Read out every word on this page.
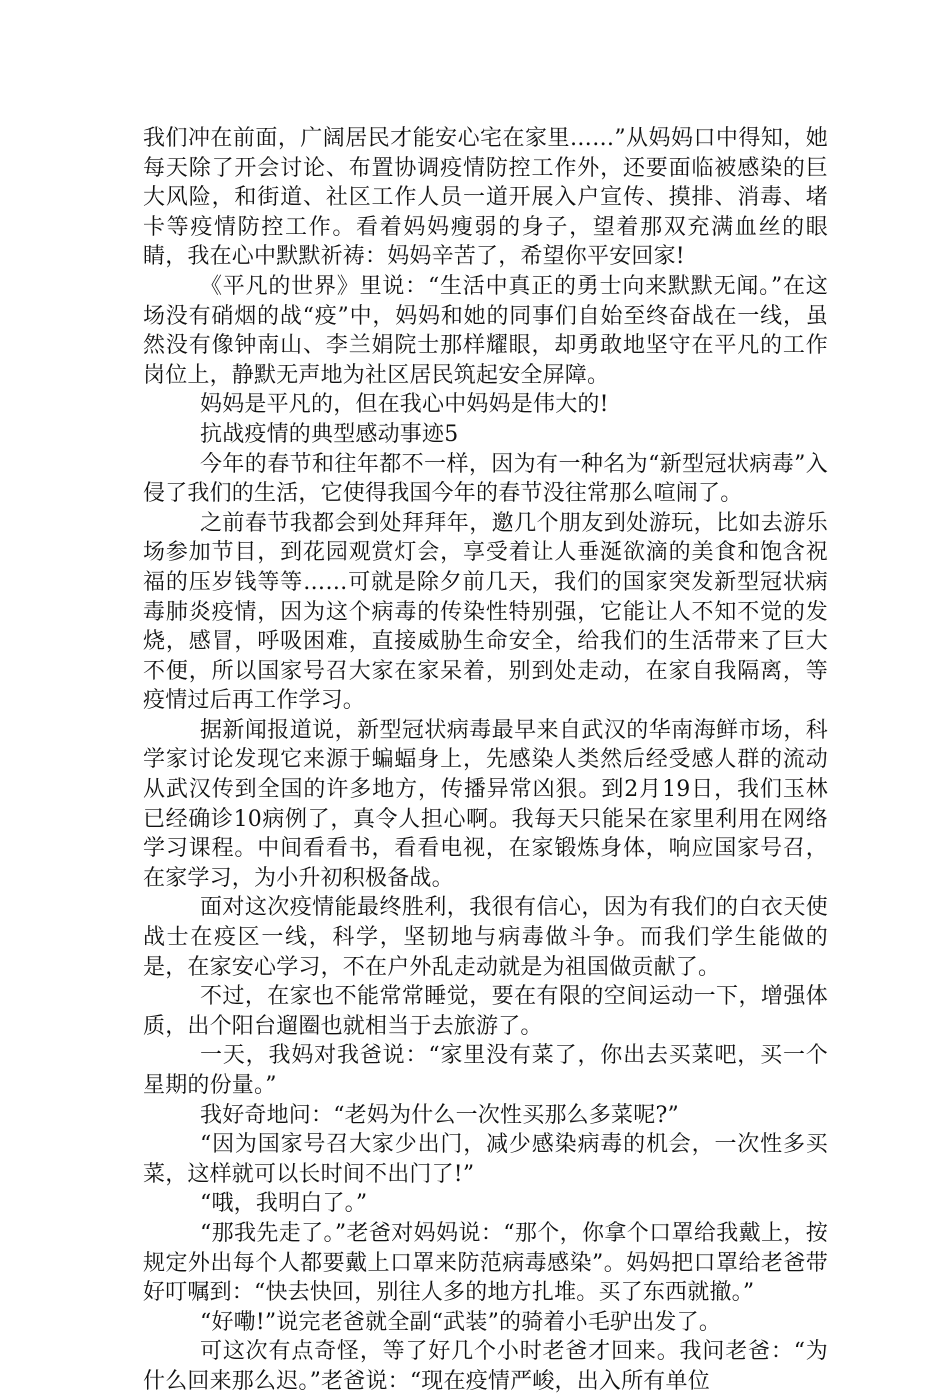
我们冲在前面，广阔居民才能安心宅在家里……”从妈妈口中得知，她每天除了开会讨论、布置协调疫情防控工作外，还要面临被感染的巨大风险，和街道、社区工作人员一道开展入户宣传、摸排、消毒、堵卡等疫情防控工作。看着妈妈瘦弱的身子，望着那双充满血丝的眼睛，我在心中默默祈祷：妈妈辛苦了，希望你平安回家!

《平凡的世界》里说：“生活中真正的勇士向来默默无闻。”在这场没有硝烟的战“疫”中，妈妈和她的同事们自始至终奋战在一线，虽然没有像钟南山、李兰娟院士那样耀眼，却勇敢地坚守在平凡的工作岗位上，静默无声地为社区居民筑起安全屏障。

妈妈是平凡的，但在我心中妈妈是伟大的!

抗战疫情的典型感动事迹5

今年的春节和往年都不一样，因为有一种名为“新型冠状病毒”入侵了我们的生活，它使得我国今年的春节没往常那么喧闹了。

之前春节我都会到处拜拜年，邀几个朋友到处游玩，比如去游乐场参加节目，到花园观赏灯会，享受着让人垂涎欲滴的美食和饱含祝福的压岁钱等等……可就是除夕前几天，我们的国家突发新型冠状病毒肺炎疫情，因为这个病毒的传染性特别强，它能让人不知不觉的发烧，感冒，呼吸困难，直接威胁生命安全，给我们的生活带来了巨大不便，所以国家号召大家在家呆着，别到处走动，在家自我隔离，等疫情过后再工作学习。

据新闻报道说，新型冠状病毒最早来自武汉的华南海鲜市场，科学家讨论发现它来源于蝙蝠身上，先感染人类然后经受感人群的流动从武汉传到全国的许多地方，传播异常凶狠。到2月19日，我们玉林已经确诊10病例了，真令人担心啊。我每天只能呆在家里利用在网络学习课程。中间看看书，看看电视，在家锻炼身体，响应国家号召，在家学习，为小升初积极备战。

面对这次疫情能最终胜利，我很有信心，因为有我们的白衣天使战士在疫区一线，科学，坚韧地与病毒做斗争。而我们学生能做的是，在家安心学习，不在户外乱走动就是为祖国做贡献了。

不过，在家也不能常常睡觉，要在有限的空间运动一下，增强体质，出个阳台遛圈也就相当于去旅游了。

一天，我妈对我爸说：“家里没有菜了，你出去买菜吧，买一个星期的份量。”

我好奇地问：“老妈为什么一次性买那么多菜呢?”

“因为国家号召大家少出门，减少感染病毒的机会，一次性多买菜，这样就可以长时间不出门了!”

“哦，我明白了。”

“那我先走了。”老爸对妈妈说：“那个，你拿个口罩给我戴上，按规定外出每个人都要戴上口罩来防范病毒感染”。妈妈把口罩给老爸带好叮嘱到：“快去快回，别往人多的地方扎堆。买了东西就撤。”

“好嘞!”说完老爸就全副“武装”的骑着小毛驴出发了。

可这次有点奇怪，等了好几个小时老爸才回来。我问老爸：“为什么回来那么迟。”老爸说：“现在疫情严峻，出入所有单位
